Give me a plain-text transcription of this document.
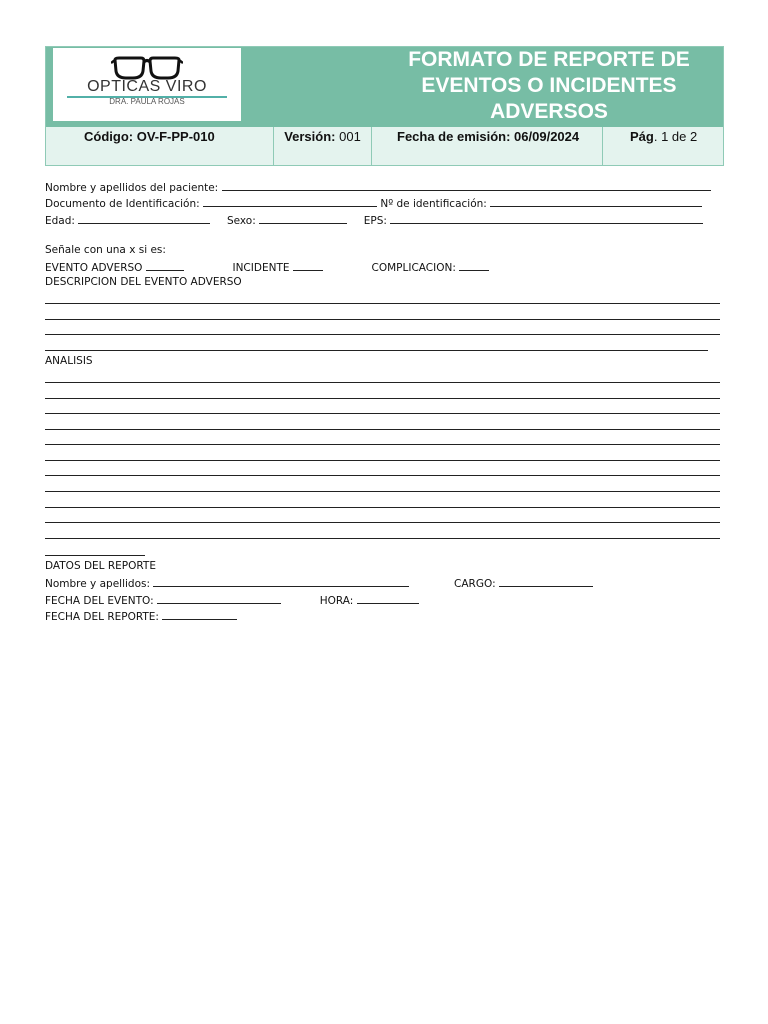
OPTICAS VIRO
DRA. PAULA ROJAS
FORMATO DE REPORTE DE EVENTOS O INCIDENTES ADVERSOS
Código: OV-F-PP-010	Versión: 001	Fecha de emisión: 06/09/2024	Pág. 1 de 2
Nombre y apellidos del paciente:
Documento de Identificación:	Nº de identificación:
Edad:	Sexo:	EPS:
Señale con una x si es:
EVENTO ADVERSO	INCIDENTE	COMPLICACION:
DESCRIPCION DEL EVENTO ADVERSO
ANALISIS
DATOS DEL REPORTE
Nombre y apellidos:	CARGO:
FECHA DEL EVENTO:	HORA:
FECHA DEL REPORTE:
